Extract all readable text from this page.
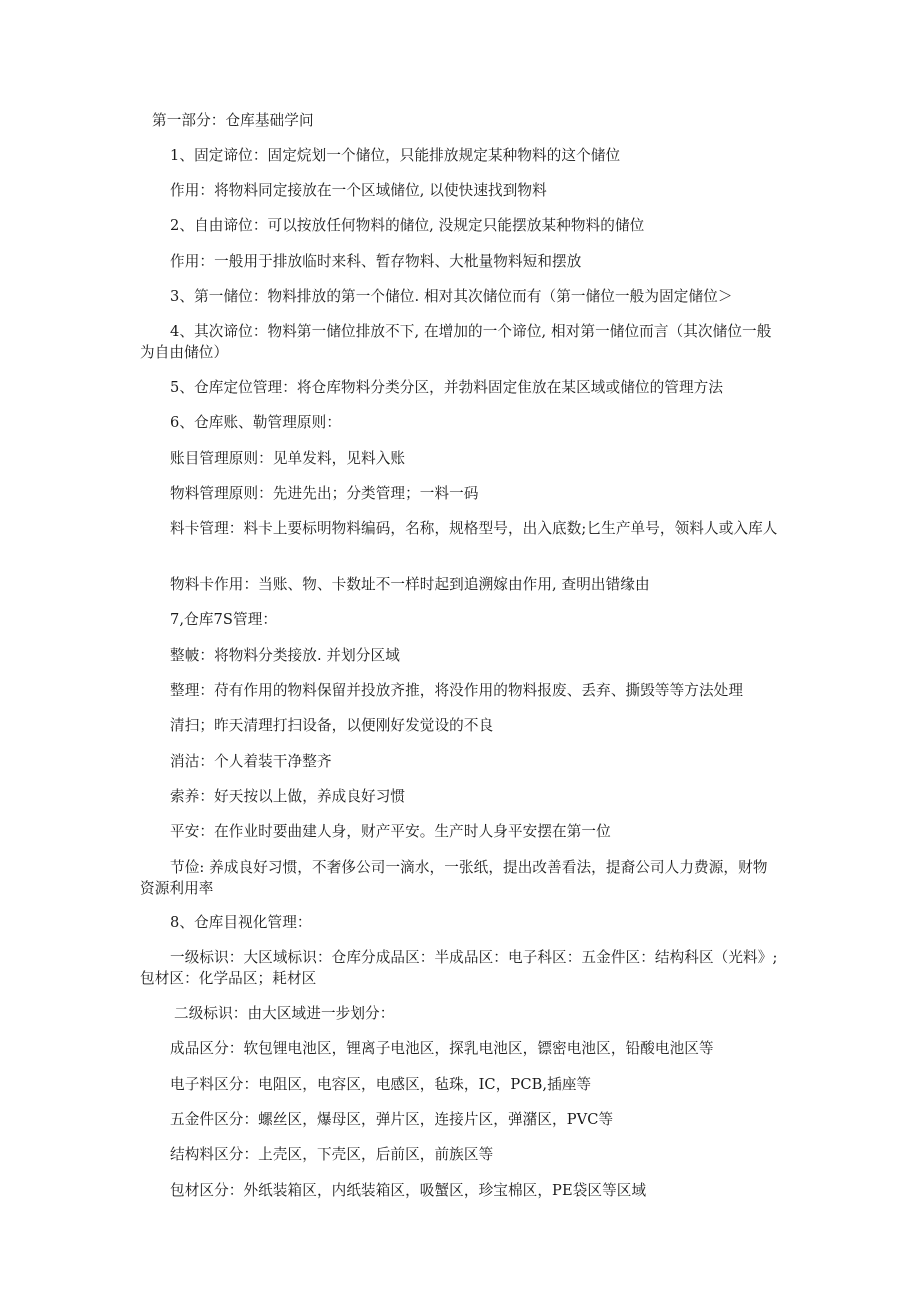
第一部分：仓库基础学问

1、固定谛位：固定烷划一个储位，只能排放规定某种物料的这个储位

作用：将物料同定接放在一个区域储位, 以使快速找到物料

2、自由谛位：可以按放任何物料的储位, 没规定只能摆放某种物料的储位

作用：一般用于排放临时来科、暂存物料、大枇量物料短和摆放

3、第一储位：物料排放的第一个储位. 相对其次储位而有（第一储位一般为固定储位＞

4、其次谛位：物料第一储位排放不下, 在增加的一个谛位, 相对第一储位而言（其次储位一般为自由储位）

5、仓库定位管理：将仓库物料分类分区，并勃料固定隹放在某区域或储位的管理方法

6、仓库账、勒管理原则：

账目管理原则：见单发料，见料入账

物料管理原则：先进先出；分类管理；一料一码

料卡管理：料卡上要标明物料编码，名称，规格型号，出入底数;匕生产单号，领料人或入库人

物料卡作用：当账、物、卡数址不一样时起到追溯嫁由作用, 查明出错缘由

7,仓库7S管理：

整帔：将物料分类接放. 并划分区域

整理：苻有作用的物料保留并投放齐推，将没作用的物料报废、丢弃、撕毁等等方法处理

清扫；昨天清理打扫设备，以便刚好发觉设的不良

消沽：个人着装干净整齐

索养：好天按以上做，养成良好习惯

平安：在作业时要曲建人身，财产平安。生产时人身平安摆在第一位

节俭: 养成良好习惯，不奢侈公司一滴水，一张纸，提出改善看法，提裔公司人力费源，财物资源利用率

8、仓库目视化管理：

一级标识：大区域标识：仓库分成品区：半成品区：电子科区：五金件区：结构科区（光料》;包材区：化学品区；耗材区

二级标识：由大区域进一步划分：

成品区分：软包锂电池区，锂离子电池区，探乳电池区，镖密电池区，铅酸电池区等

电子料区分：电阻区，电容区，电感区，毡珠，IC，PCB,插座等

五金件区分：螺丝区，爆母区，弹片区，连接片区，弹潴区，PVC等

结构料区分：上壳区，下壳区，后前区，前族区等

包材区分：外纸装箱区，内纸装箱区，吸蟹区，珍宝棉区，PE袋区等区域
